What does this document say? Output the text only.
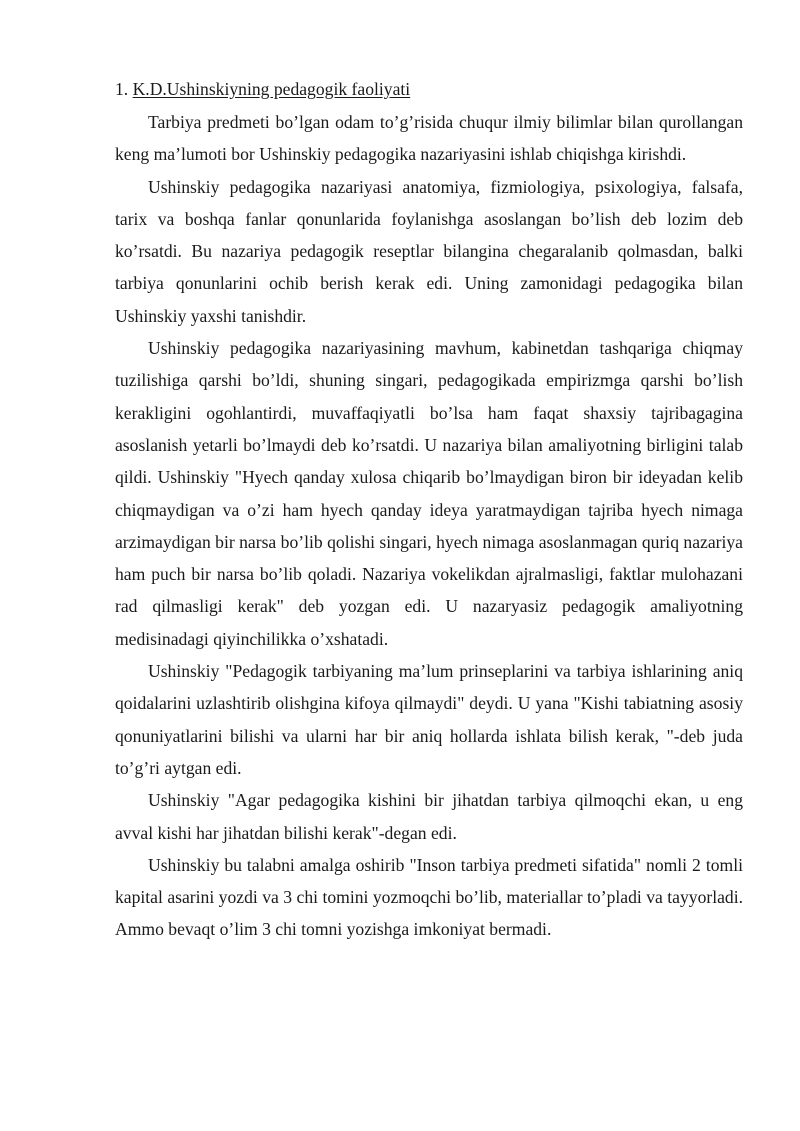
1. K.D.Ushinskiyning pedagogik faoliyati

Tarbiya predmeti bo’lgan odam to’g’risida chuqur ilmiy bilimlar bilan qurollangan keng ma’lumoti bor Ushinskiy pedagogika nazariyasini ishlab chiqishga kirishdi.

Ushinskiy pedagogika nazariyasi anatomiya, fizmiologiya, psixologiya, falsafa, tarix va boshqa fanlar qonunlarida foylanishga asoslangan bo’lish deb lozim deb ko’rsatdi. Bu nazariya pedagogik reseptlar bilangina chegaralanib qolmasdan, balki tarbiya qonunlarini ochib berish kerak edi. Uning zamonidagi pedagogika bilan Ushinskiy yaxshi tanishdir.

Ushinskiy pedagogika nazariyasining mavhum, kabinetdan tashqariga chiqmay tuzilishiga qarshi bo’ldi, shuning singari, pedagogikada empirizmga qarshi bo’lish kerakligini ogohlantirdi, muvaffaqiyatli bo’lsa ham faqat shaxsiy tajribagagina asoslanish yetarli bo’lmaydi deb ko’rsatdi. U nazariya bilan amaliyotning birligini talab qildi. Ushinskiy "Hyech qanday xulosa chiqarib bo’lmaydigan biron bir ideyadan kelib chiqmaydigan va o’zi ham hyech qanday ideya yaratmaydigan tajriba hyech nimaga arzimaydigan bir narsa bo’lib qolishi singari, hyech nimaga asoslanmagan quriq nazariya ham puch bir narsa bo’lib qoladi. Nazariya vokelikdan ajralmasligi, faktlar mulohazani rad qilmasligi kerak" deb yozgan edi. U nazaryasiz pedagogik amaliyotning medisinadagi qiyinchilikka o’xshatadi.

Ushinskiy "Pedagogik tarbiyaning ma’lum prinseplarini va tarbiya ishlarining aniq qoidalarini uzlashtirib olishgina kifoya qilmaydi" deydi. U yana "Kishi tabiatning asosiy qonuniyatlarini bilishi va ularni har bir aniq hollarda ishlata bilish kerak, "-deb juda to’g’ri aytgan edi.

Ushinskiy "Agar pedagogika kishini bir jihatdan tarbiya qilmoqchi ekan, u eng avval kishi har jihatdan bilishi kerak"-degan edi.

Ushinskiy bu talabni amalga oshirib "Inson tarbiya predmeti sifatida" nomli 2 tomli kapital asarini yozdi va 3 chi tomini yozmoqchi bo’lib, materiallar to’pladi va tayyorladi. Ammo bevaqt o’lim 3 chi tomni yozishga imkoniyat bermadi.
